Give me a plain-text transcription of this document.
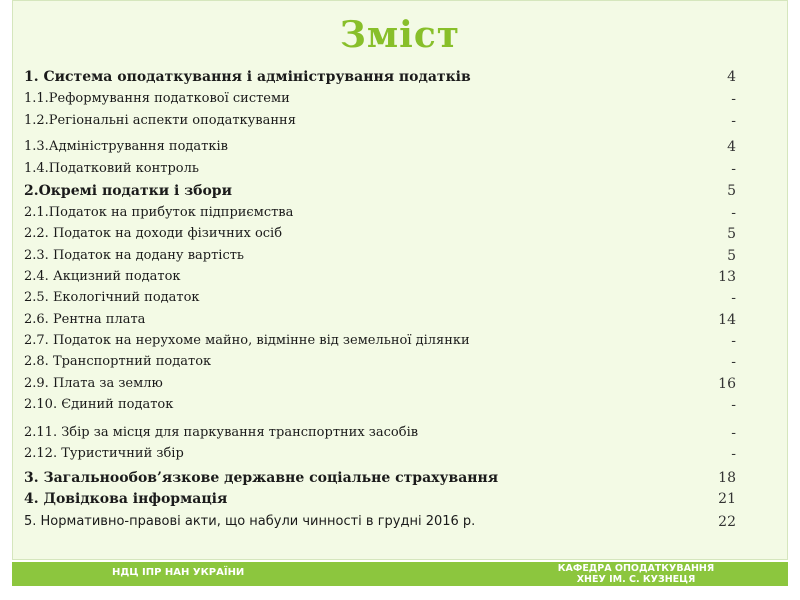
Зміст
1. Система оподаткування і адміністрування податків	4
1.1.Реформування податкової системи	-
1.2.Регіональні аспекти оподаткування	-
1.3.Адміністрування податків	4
1.4.Податковий контроль	-
2.Окремі податки і збори	5
2.1.Податок на прибуток підприємства	-
2.2. Податок на доходи фізичних осіб	5
2.3. Податок на додану вартість	5
2.4. Акцизний податок	13
2.5. Екологічний податок	-
2.6. Рентна плата	14
2.7. Податок на нерухоме майно, відмінне від земельної ділянки	-
2.8. Транспортний податок	-
2.9. Плата за землю	16
2.10. Єдиний податок	-
2.11. Збір за місця для паркування транспортних засобів	-
2.12. Туристичний збір	-
3. Загальнообов’язкове державне соціальне страхування	18
4. Довідкова інформація	21
5. Нормативно-правові акти, що набули чинності в грудні 2016 р.	22
НДЦ ІПР НАН УКРАЇНИ	КАФЕДРА ОПОДАТКУВАННЯ
ХНЕУ ІМ. С. КУЗНЕЦЯ
